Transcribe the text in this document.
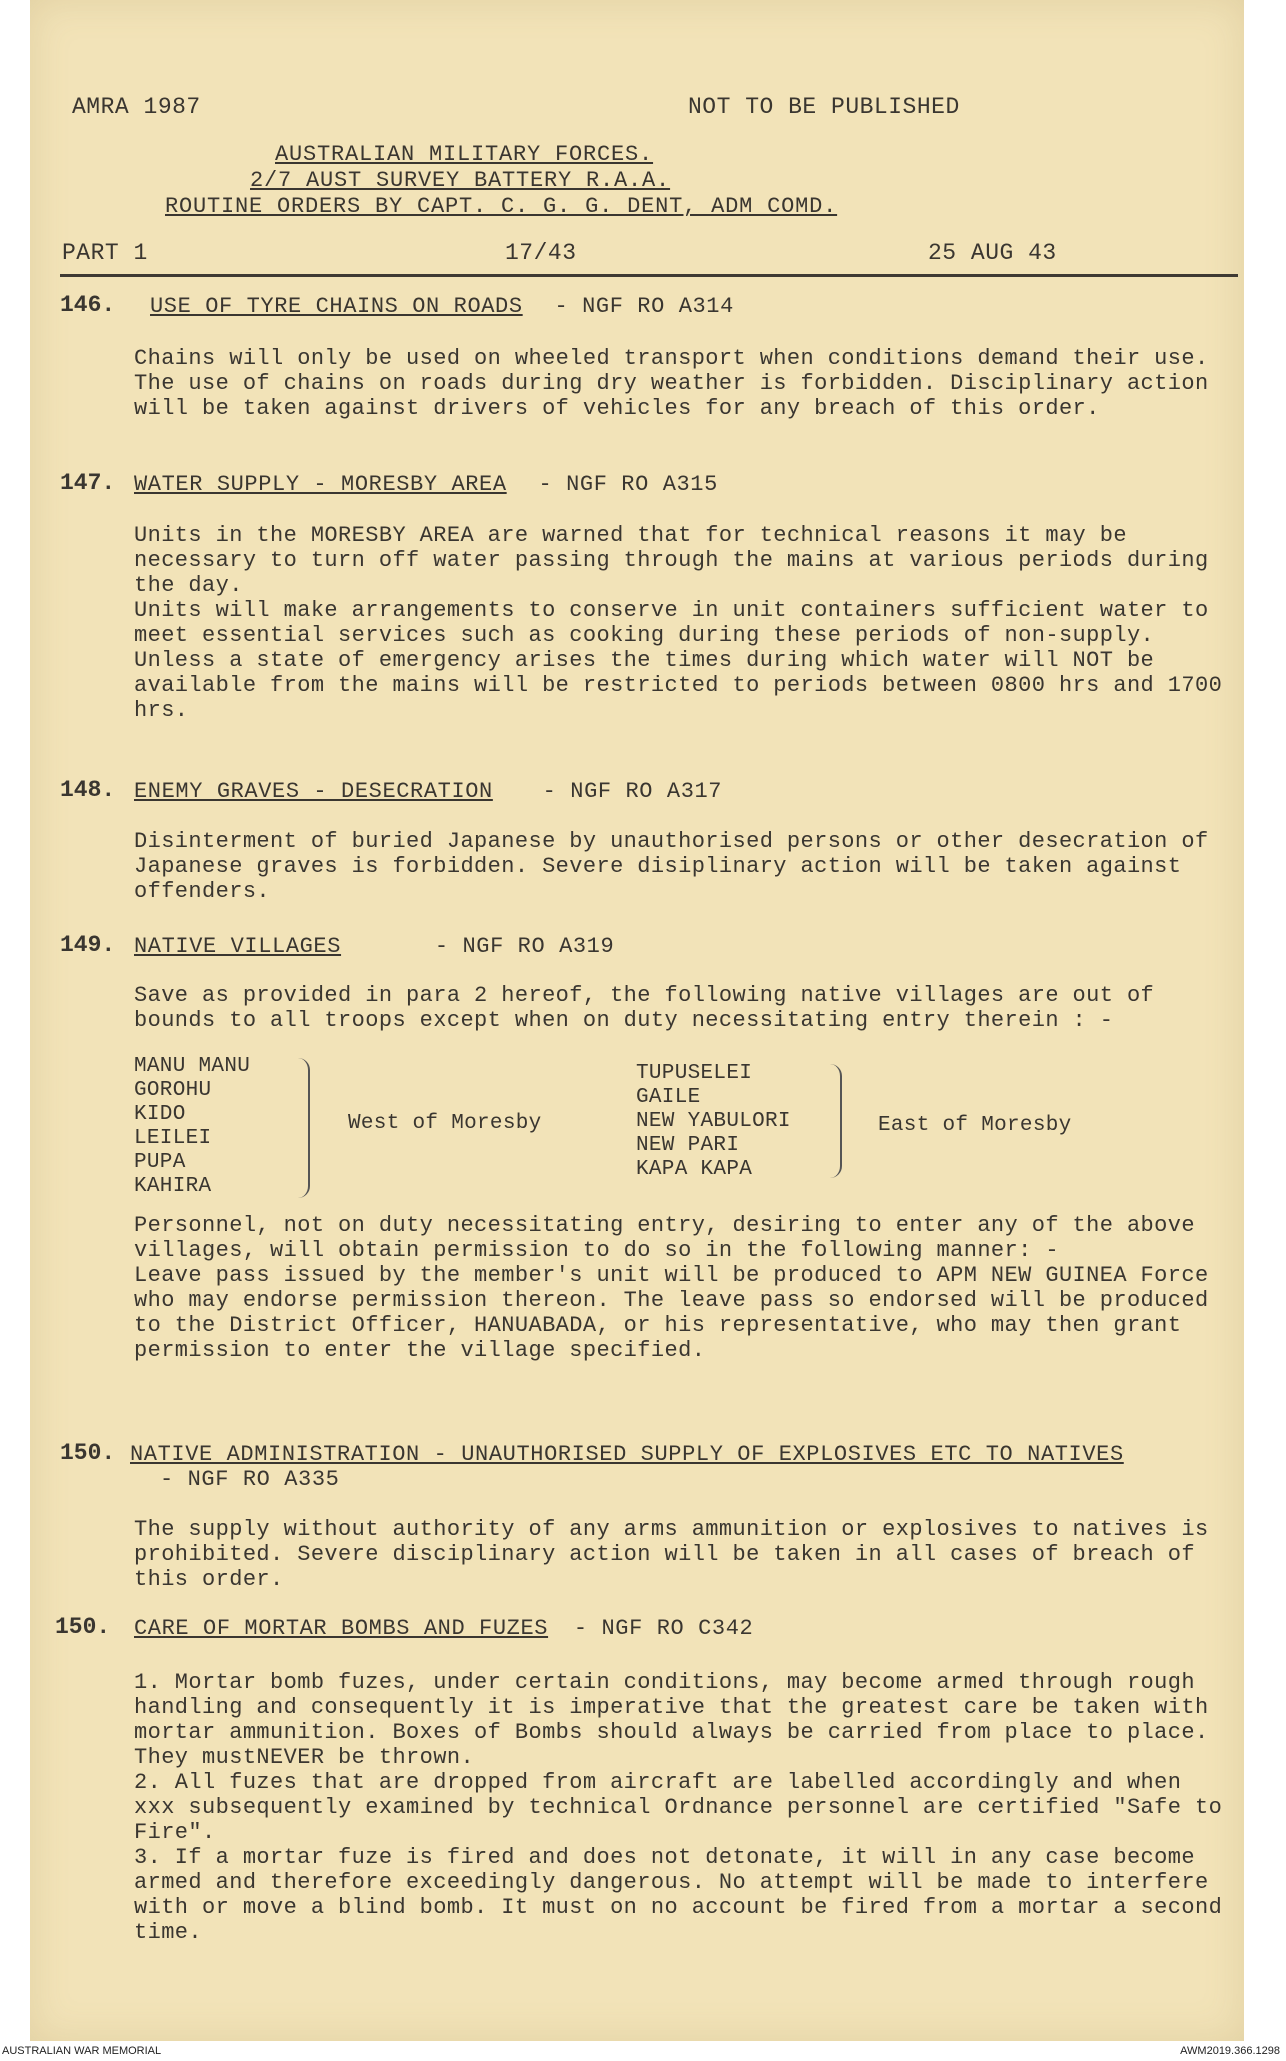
AMRA 1987	NOT TO BE PUBLISHED
AUSTRALIAN MILITARY FORCES.
2/7 AUST SURVEY BATTERY R.A.A.
ROUTINE ORDERS BY CAPT. C. G. G. DENT, ADM COMD.
PART 1	17/43	25 AUG 43
146. USE OF TYRE CHAINS ON ROADS - NGF RO A314

Chains will only be used on wheeled transport when conditions demand their use. The use of chains on roads during dry weather is forbidden. Disciplinary action will be taken against drivers of vehicles for any breach of this order.

147. WATER SUPPLY - MORESBY AREA - NGF RO A315

Units in the MORESBY AREA are warned that for technical reasons it may be necessary to turn off water passing through the mains at various periods during the day.

Units will make arrangements to conserve in unit containers sufficient water to meet essential services such as cooking during these periods of non-supply.

Unless a state of emergency arises the times during which water will NOT be available from the mains will be restricted to periods between 0800 hrs and 1700 hrs.

148. ENEMY GRAVES - DESECRATION - NGF RO A317

Disinterment of buried Japanese by unauthorised persons or other desecration of Japanese graves is forbidden. Severe disiplinary action will be taken against offenders.

149. NATIVE VILLAGES	- NGF RO A319
Save as provided in para 2 hereof, the following native villages are out of bounds to all troops except when on duty necessitating entry therein : -
MANU MANU
GOROHU
KIDO
LEILEI
PUPA
KAHIRA
West of Moresby
TUPUSELEI
GAILE
NEW YABULORI
NEW PARI
KAPA KAPA
East of Moresby

Personnel, not on duty necessitating entry, desiring to enter any of the above villages, will obtain permission to do so in the following manner: -

Leave pass issued by the member's unit will be produced to APM NEW GUINEA Force who may endorse permission thereon. The leave pass so endorsed will be produced to the District Officer, HANUABADA, or his representative, who may then grant permission to enter the village specified.

150. NATIVE ADMINISTRATION - UNAUTHORISED SUPPLY OF EXPLOSIVES ETC TO NATIVES - NGF RO A335

The supply without authority of any arms ammunition or explosives to natives is prohibited. Severe disciplinary action will be taken in all cases of breach of this order.

150. CARE OF MORTAR BOMBS AND FUZES - NGF RO C342

1. Mortar bomb fuzes, under certain conditions, may become armed through rough handling and consequently it is imperative that the greatest care be taken with mortar ammunition. Boxes of Bombs should always be carried from place to place. They mustNEVER be thrown.

2. All fuzes that are dropped from aircraft are labelled accordingly and when xxx subsequently examined by technical Ordnance personnel are certified "Safe to Fire".

3. If a mortar fuze is fired and does not detonate, it will in any case become armed and therefore exceedingly dangerous. No attempt will be made to interfere with or move a blind bomb. It must on no account be fired from a mortar a second time.

AUSTRALIAN WAR MEMORIAL	AWM2019.366.1298
